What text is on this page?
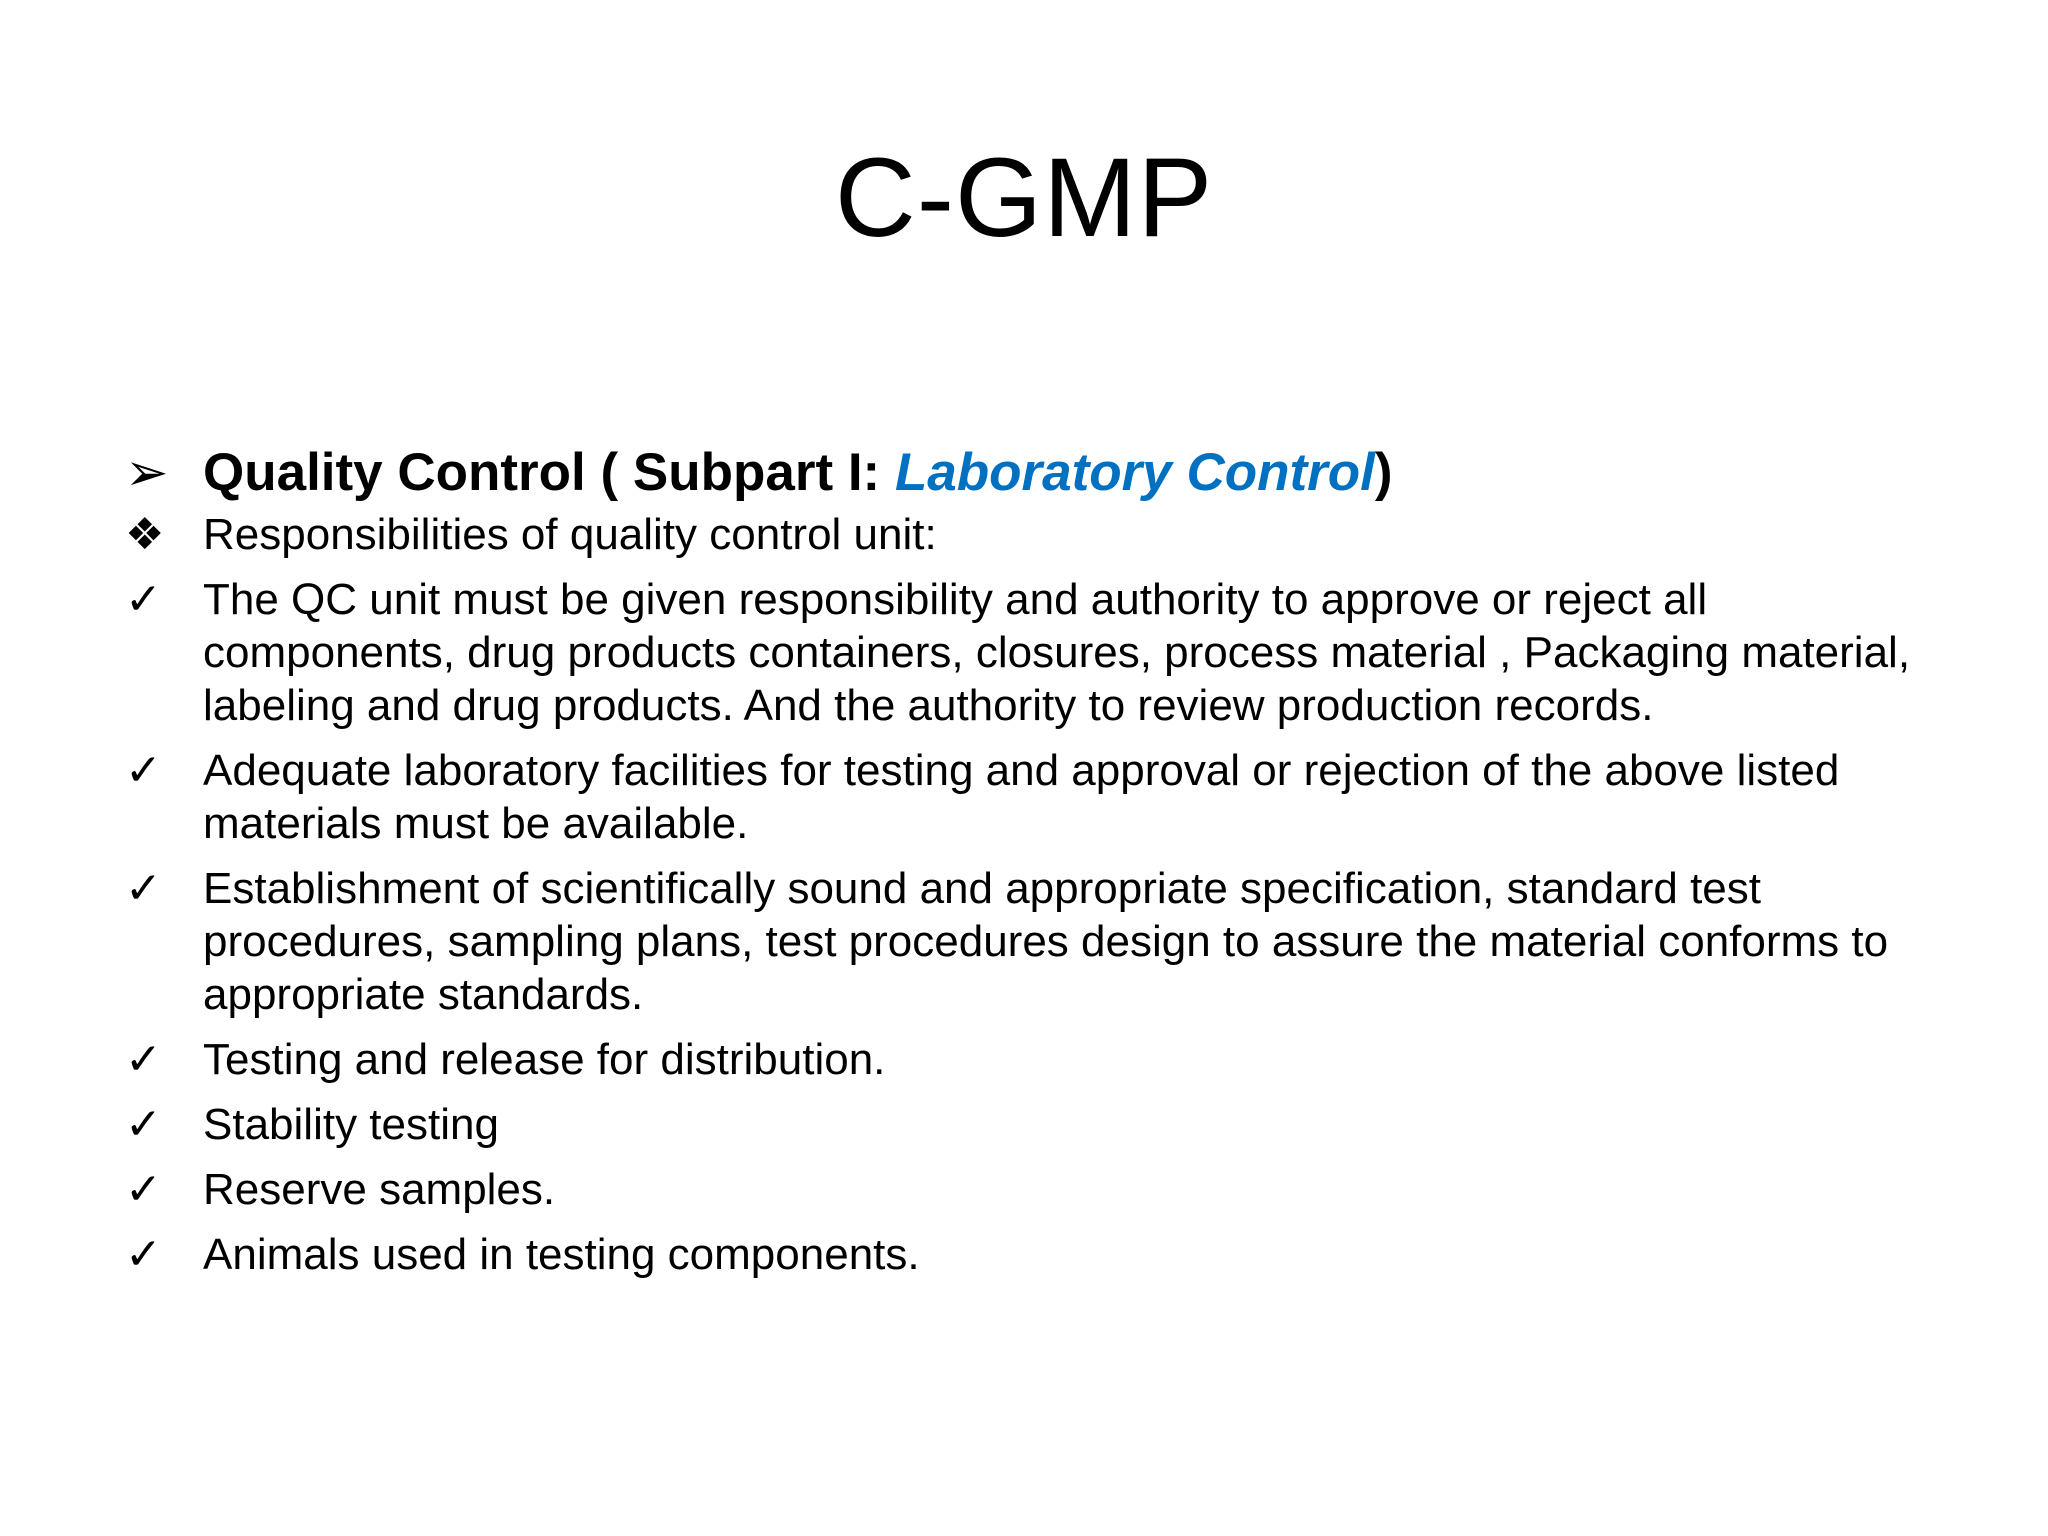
C-GMP
➢ Quality Control ( Subpart I: Laboratory Control)
❖ Responsibilities of quality control unit:
✓ The QC unit must be given responsibility and authority to approve or reject all components, drug products containers, closures, process material , Packaging material, labeling and drug products. And the authority to review production records.
✓ Adequate laboratory facilities for testing and approval or rejection of the above listed materials must be available.
✓ Establishment of scientifically sound and appropriate specification, standard test procedures, sampling plans, test procedures design to assure the material conforms to appropriate standards.
✓ Testing and release for distribution.
✓ Stability testing
✓ Reserve samples.
✓ Animals used in testing components.
